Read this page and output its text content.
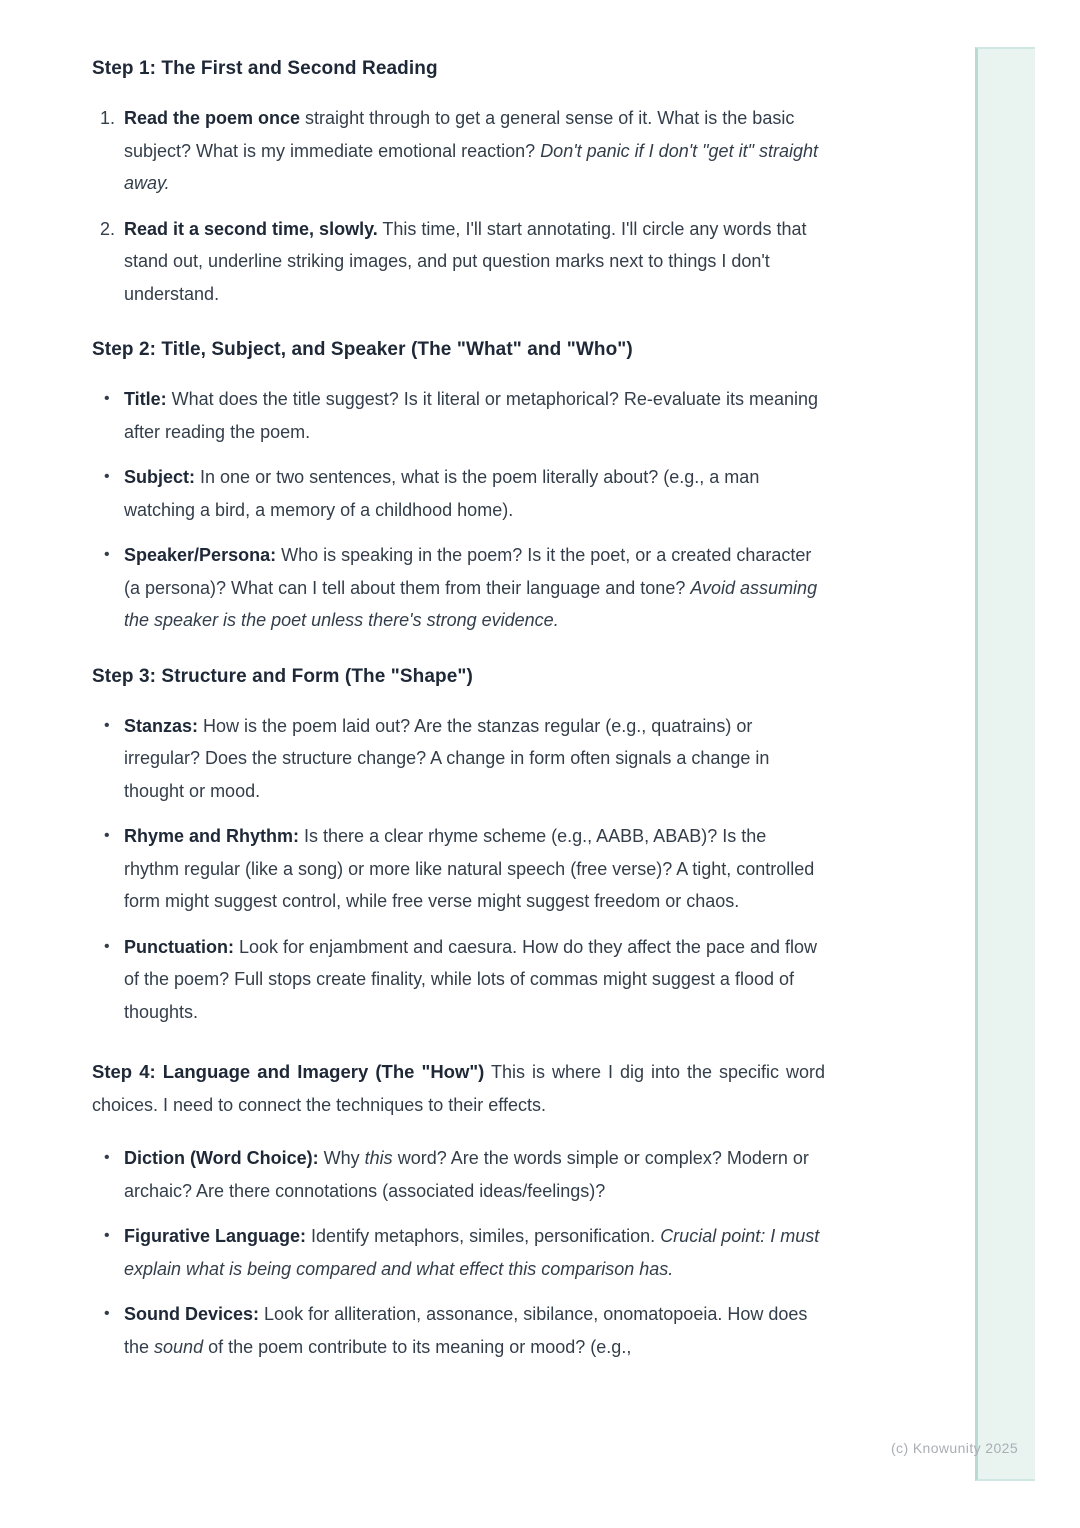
Step 1: The First and Second Reading
1. Read the poem once straight through to get a general sense of it. What is the basic subject? What is my immediate emotional reaction? Don't panic if I don't "get it" straight away.
2. Read it a second time, slowly. This time, I'll start annotating. I'll circle any words that stand out, underline striking images, and put question marks next to things I don't understand.
Step 2: Title, Subject, and Speaker (The "What" and "Who")
• Title: What does the title suggest? Is it literal or metaphorical? Re-evaluate its meaning after reading the poem.
• Subject: In one or two sentences, what is the poem literally about? (e.g., a man watching a bird, a memory of a childhood home).
• Speaker/Persona: Who is speaking in the poem? Is it the poet, or a created character (a persona)? What can I tell about them from their language and tone? Avoid assuming the speaker is the poet unless there's strong evidence.
Step 3: Structure and Form (The "Shape")
• Stanzas: How is the poem laid out? Are the stanzas regular (e.g., quatrains) or irregular? Does the structure change? A change in form often signals a change in thought or mood.
• Rhyme and Rhythm: Is there a clear rhyme scheme (e.g., AABB, ABAB)? Is the rhythm regular (like a song) or more like natural speech (free verse)? A tight, controlled form might suggest control, while free verse might suggest freedom or chaos.
• Punctuation: Look for enjambment and caesura. How do they affect the pace and flow of the poem? Full stops create finality, while lots of commas might suggest a flood of thoughts.

Step 4: Language and Imagery (The "How") This is where I dig into the specific word choices. I need to connect the techniques to their effects.

• Diction (Word Choice): Why this word? Are the words simple or complex? Modern or archaic? Are there connotations (associated ideas/feelings)?
• Figurative Language: Identify metaphors, similes, personification. Crucial point: I must explain what is being compared and what effect this comparison has.
• Sound Devices: Look for alliteration, assonance, sibilance, onomatopoeia. How does the sound of the poem contribute to its meaning or mood? (e.g.,
(c) Knowunity 2025
